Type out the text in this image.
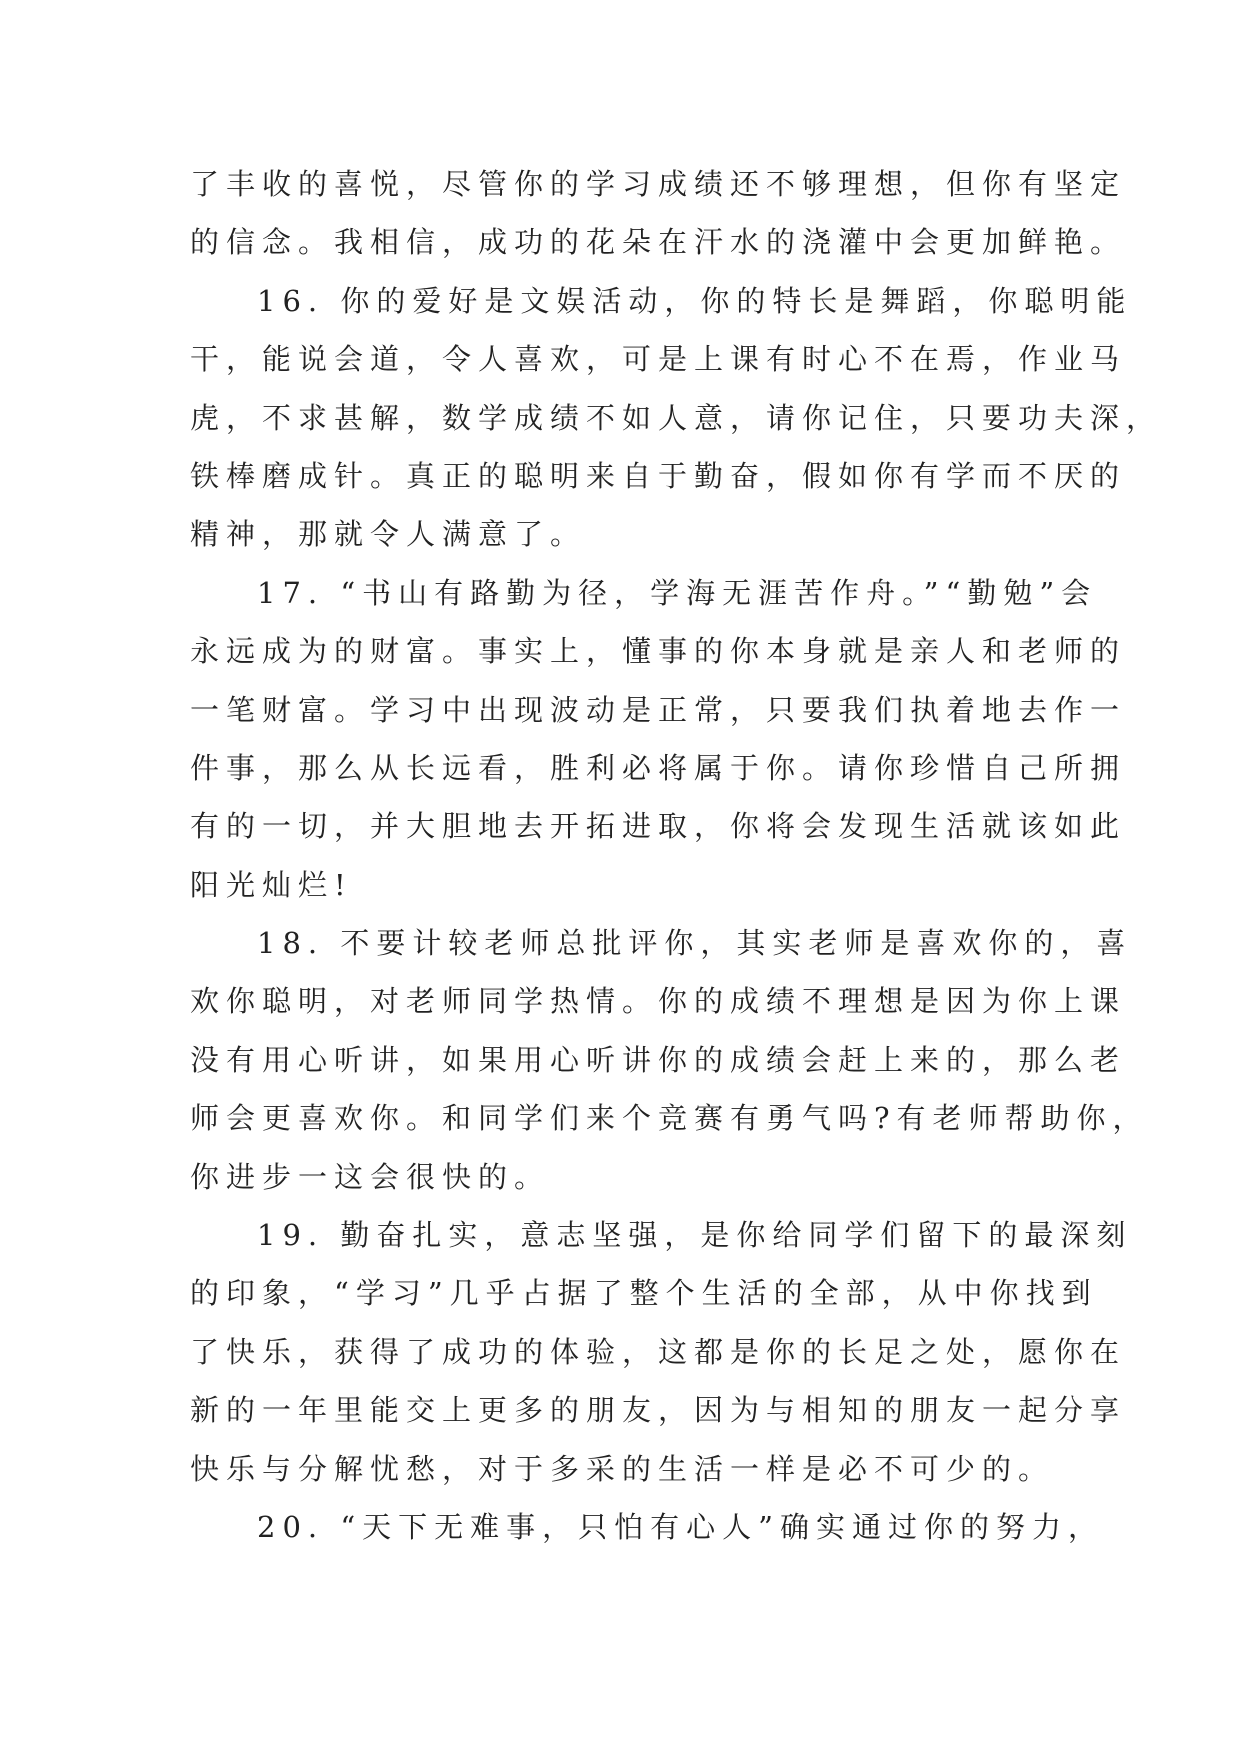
了丰收的喜悦，尽管你的学习成绩还不够理想，但你有坚定
的信念。我相信，成功的花朵在汗水的浇灌中会更加鲜艳。
16. 你的爱好是文娱活动，你的特长是舞蹈，你聪明能
干，能说会道，令人喜欢，可是上课有时心不在焉，作业马
虎，不求甚解，数学成绩不如人意，请你记住，只要功夫深，
铁棒磨成针。真正的聪明来自于勤奋，假如你有学而不厌的
精神，那就令人满意了。
17. “书山有路勤为径，学海无涯苦作舟。”“勤勉”会
永远成为的财富。事实上，懂事的你本身就是亲人和老师的
一笔财富。学习中出现波动是正常，只要我们执着地去作一
件事，那么从长远看，胜利必将属于你。请你珍惜自己所拥
有的一切，并大胆地去开拓进取，你将会发现生活就该如此
阳光灿烂!
18. 不要计较老师总批评你，其实老师是喜欢你的，喜
欢你聪明，对老师同学热情。你的成绩不理想是因为你上课
没有用心听讲，如果用心听讲你的成绩会赶上来的，那么老
师会更喜欢你。和同学们来个竞赛有勇气吗?有老师帮助你，
你进步一这会很快的。
19. 勤奋扎实，意志坚强，是你给同学们留下的最深刻
的印象，“学习”几乎占据了整个生活的全部，从中你找到
了快乐，获得了成功的体验，这都是你的长足之处，愿你在
新的一年里能交上更多的朋友，因为与相知的朋友一起分享
快乐与分解忧愁，对于多采的生活一样是必不可少的。
20. “天下无难事，只怕有心人”确实通过你的努力，
